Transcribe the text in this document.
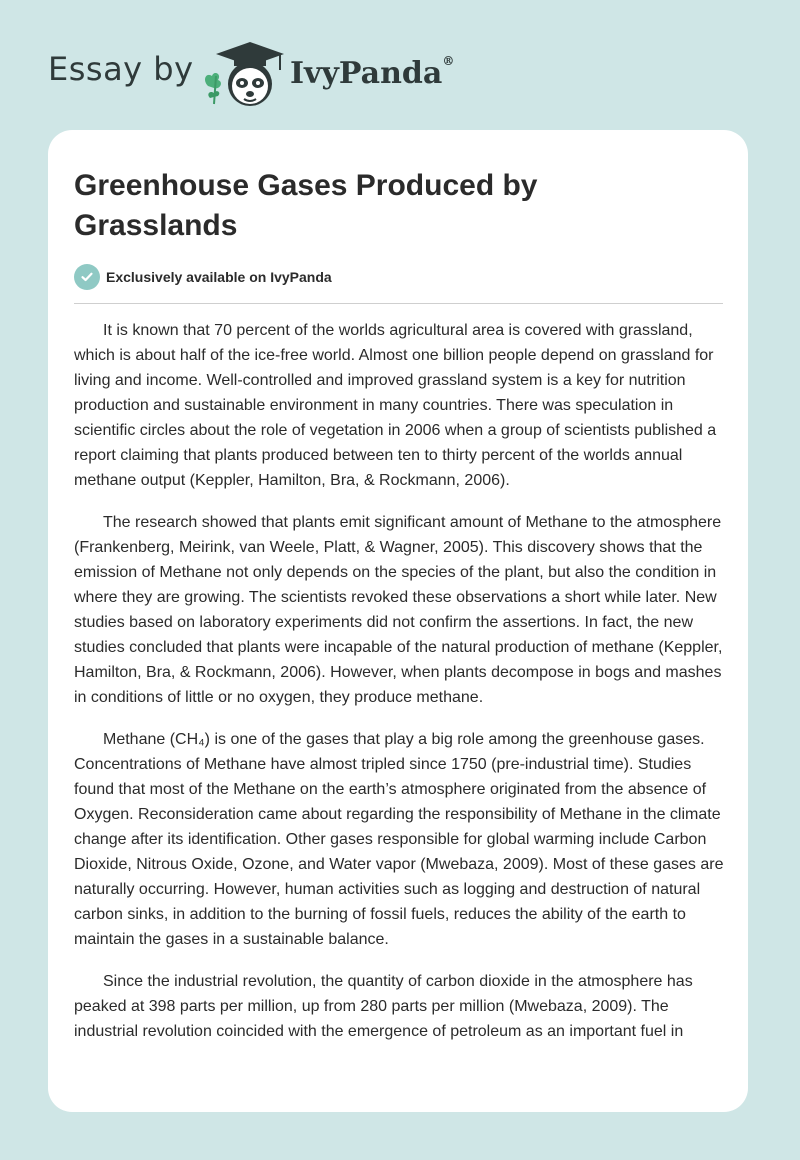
Essay by	IvyPanda®
Greenhouse Gases Produced by Grasslands
Exclusively available on IvyPanda

It is known that 70 percent of the worlds agricultural area is covered with grassland, which is about half of the ice-free world. Almost one billion people depend on grassland for living and income. Well-controlled and improved grassland system is a key for nutrition production and sustainable environment in many countries. There was speculation in scientific circles about the role of vegetation in 2006 when a group of scientists published a report claiming that plants produced between ten to thirty percent of the worlds annual methane output (Keppler, Hamilton, Bra, & Rockmann, 2006).

The research showed that plants emit significant amount of Methane to the atmosphere (Frankenberg, Meirink, van Weele, Platt, & Wagner, 2005). This discovery shows that the emission of Methane not only depends on the species of the plant, but also the condition in where they are growing. The scientists revoked these observations a short while later. New studies based on laboratory experiments did not confirm the assertions. In fact, the new studies concluded that plants were incapable of the natural production of methane (Keppler, Hamilton, Bra, & Rockmann, 2006). However, when plants decompose in bogs and mashes in conditions of little or no oxygen, they produce methane.

Methane (CH₄) is one of the gases that play a big role among the greenhouse gases. Concentrations of Methane have almost tripled since 1750 (pre-industrial time). Studies found that most of the Methane on the earth’s atmosphere originated from the absence of Oxygen. Reconsideration came about regarding the responsibility of Methane in the climate change after its identification. Other gases responsible for global warming include Carbon Dioxide, Nitrous Oxide, Ozone, and Water vapor (Mwebaza, 2009). Most of these gases are naturally occurring. However, human activities such as logging and destruction of natural carbon sinks, in addition to the burning of fossil fuels, reduces the ability of the earth to maintain the gases in a sustainable balance.

Since the industrial revolution, the quantity of carbon dioxide in the atmosphere has peaked at 398 parts per million, up from 280 parts per million (Mwebaza, 2009). The industrial revolution coincided with the emergence of petroleum as an important fuel in
